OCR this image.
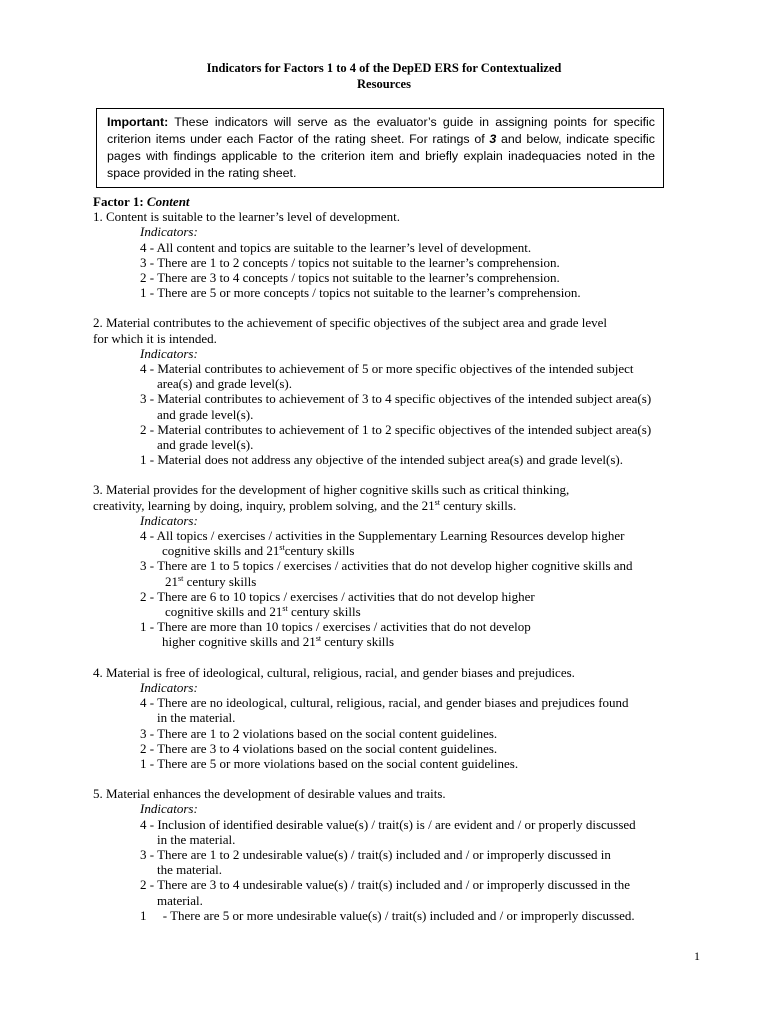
Indicators for Factors 1 to 4 of the DepED ERS for Contextualized
Resources
Important: These indicators will serve as the evaluator’s guide in assigning points for specific criterion items under each Factor of the rating sheet. For ratings of 3 and below, indicate specific pages with findings applicable to the criterion item and briefly explain inadequacies noted in the space provided in the rating sheet.
Factor 1: Content
1. Content is suitable to the learner’s level of development.
Indicators:
4 - All content and topics are suitable to the learner’s level of development.
3 - There are 1 to 2 concepts / topics not suitable to the learner’s comprehension.
2 - There are 3 to 4 concepts / topics not suitable to the learner’s comprehension.
1 - There are 5 or more concepts / topics not suitable to the learner’s comprehension.
2. Material contributes to the achievement of specific objectives of the subject area and grade level
for which it is intended.
Indicators:
4 - Material contributes to achievement of 5 or more specific objectives of the intended subject
area(s) and grade level(s).
3 - Material contributes to achievement of 3 to 4 specific objectives of the intended subject area(s)
and grade level(s).
2 - Material contributes to achievement of 1 to 2 specific objectives of the intended subject area(s)
and grade level(s).
1 - Material does not address any objective of the intended subject area(s) and grade level(s).
3. Material provides for the development of higher cognitive skills such as critical thinking,
creativity, learning by doing, inquiry, problem solving, and the 21st century skills.
Indicators:
4 - All topics / exercises / activities in the Supplementary Learning Resources develop higher
cognitive skills and 21stcentury skills
3 - There are 1 to 5 topics / exercises / activities that do not develop higher cognitive skills and
21st century skills
2 - There are 6 to 10 topics / exercises / activities that do not develop higher
cognitive skills and 21st century skills
1 - There are more than 10 topics / exercises / activities that do not develop
higher cognitive skills and 21st century skills
4. Material is free of ideological, cultural, religious, racial, and gender biases and prejudices.
Indicators:
4 - There are no ideological, cultural, religious, racial, and gender biases and prejudices found
in the material.
3 - There are 1 to 2 violations based on the social content guidelines.
2 - There are 3 to 4 violations based on the social content guidelines.
1 - There are 5 or more violations based on the social content guidelines.
5. Material enhances the development of desirable values and traits.
Indicators:
4 - Inclusion of identified desirable value(s) / trait(s) is / are evident and / or properly discussed
in the material.
3 - There are 1 to 2 undesirable value(s) / trait(s) included and / or improperly discussed in
the material.
2 - There are 3 to 4 undesirable value(s) / trait(s) included and / or improperly discussed in the
material.
1     - There are 5 or more undesirable value(s) / trait(s) included and / or improperly discussed.
1
